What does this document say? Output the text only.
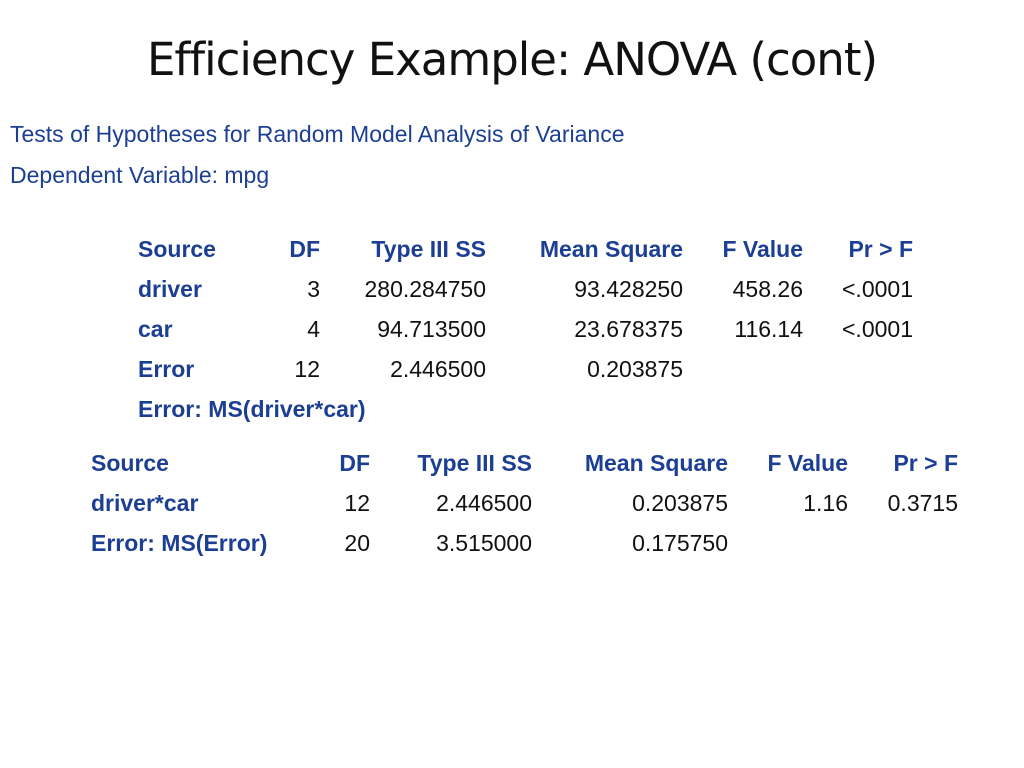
Efficiency Example: ANOVA (cont)
Tests of Hypotheses for Random Model Analysis of Variance
Dependent Variable: mpg
Source	DF	Type III SS	Mean Square	F Value	Pr > F
driver	3	280.284750	93.428250	458.26	<.0001
car	4	94.713500	23.678375	116.14	<.0001
Error	12	2.446500	0.203875		
Error: MS(driver*car)					
Source	DF	Type III SS	Mean Square	F Value	Pr > F
driver*car	12	2.446500	0.203875	1.16	0.3715
Error: MS(Error)	20	3.515000	0.175750		
